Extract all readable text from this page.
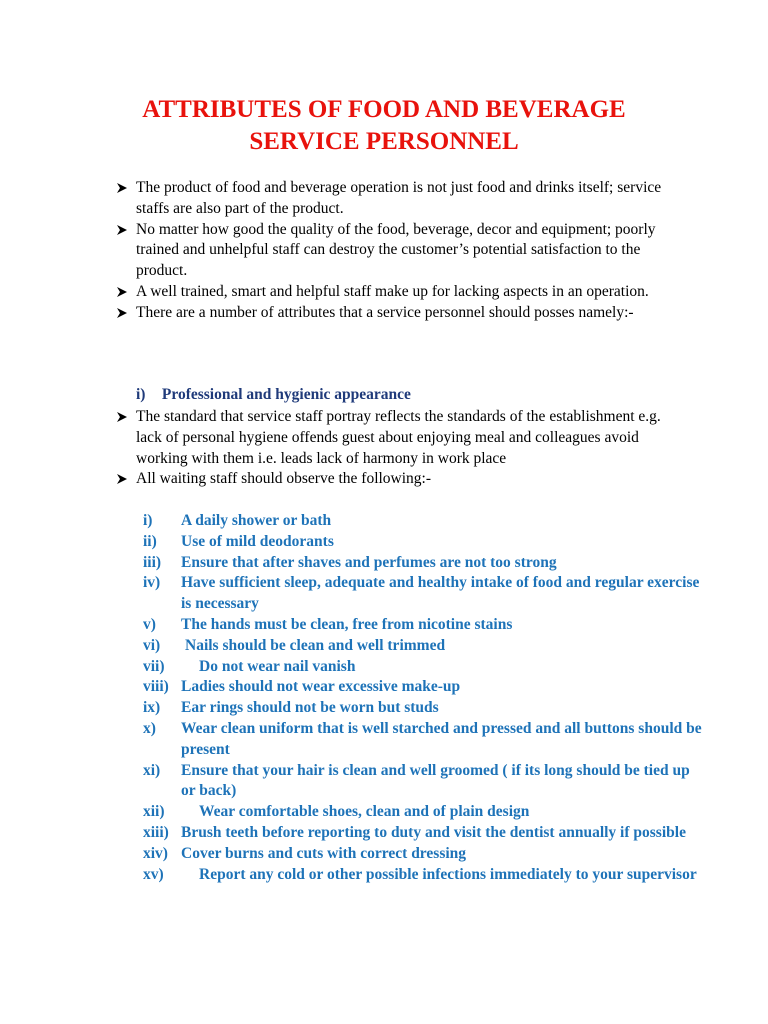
ATTRIBUTES OF FOOD AND BEVERAGE
SERVICE PERSONNEL

The product of food and beverage operation is not just food and drinks itself; service staffs are also part of the product.

No matter how good the quality of the food, beverage, decor and equipment; poorly trained and unhelpful staff can destroy the customer’s potential satisfaction to the product.

A well trained, smart and helpful staff make up for lacking aspects in an operation.

There are a number of attributes that a service personnel should posses namely:-

i) Professional and hygienic appearance

The standard that service staff portray reflects the standards of the establishment e.g. lack of personal hygiene offends guest about enjoying meal and colleagues avoid working with them i.e. leads lack of harmony in work place

All waiting staff should observe the following:-

i)	A daily shower or bath
ii)	Use of mild deodorants
iii)	Ensure that after shaves and perfumes are not too strong
iv)	Have sufficient sleep, adequate and healthy intake of food and regular exercise is necessary
v)	The hands must be clean, free from nicotine stains
vi)	Nails should be clean and well trimmed
vii)	Do not wear nail vanish
viii) Ladies should not wear excessive make-up
ix)	Ear rings should not be worn but studs
x)	Wear clean uniform that is well starched and pressed and all buttons should be present
xi)	Ensure that your hair is clean and well groomed ( if its long should be tied up or back)
xii)	Wear comfortable shoes, clean and of plain design
xiii) Brush teeth before reporting to duty and visit the dentist annually if possible
xiv) Cover burns and cuts with correct dressing
xv)	Report any cold or other possible infections immediately to your supervisor
